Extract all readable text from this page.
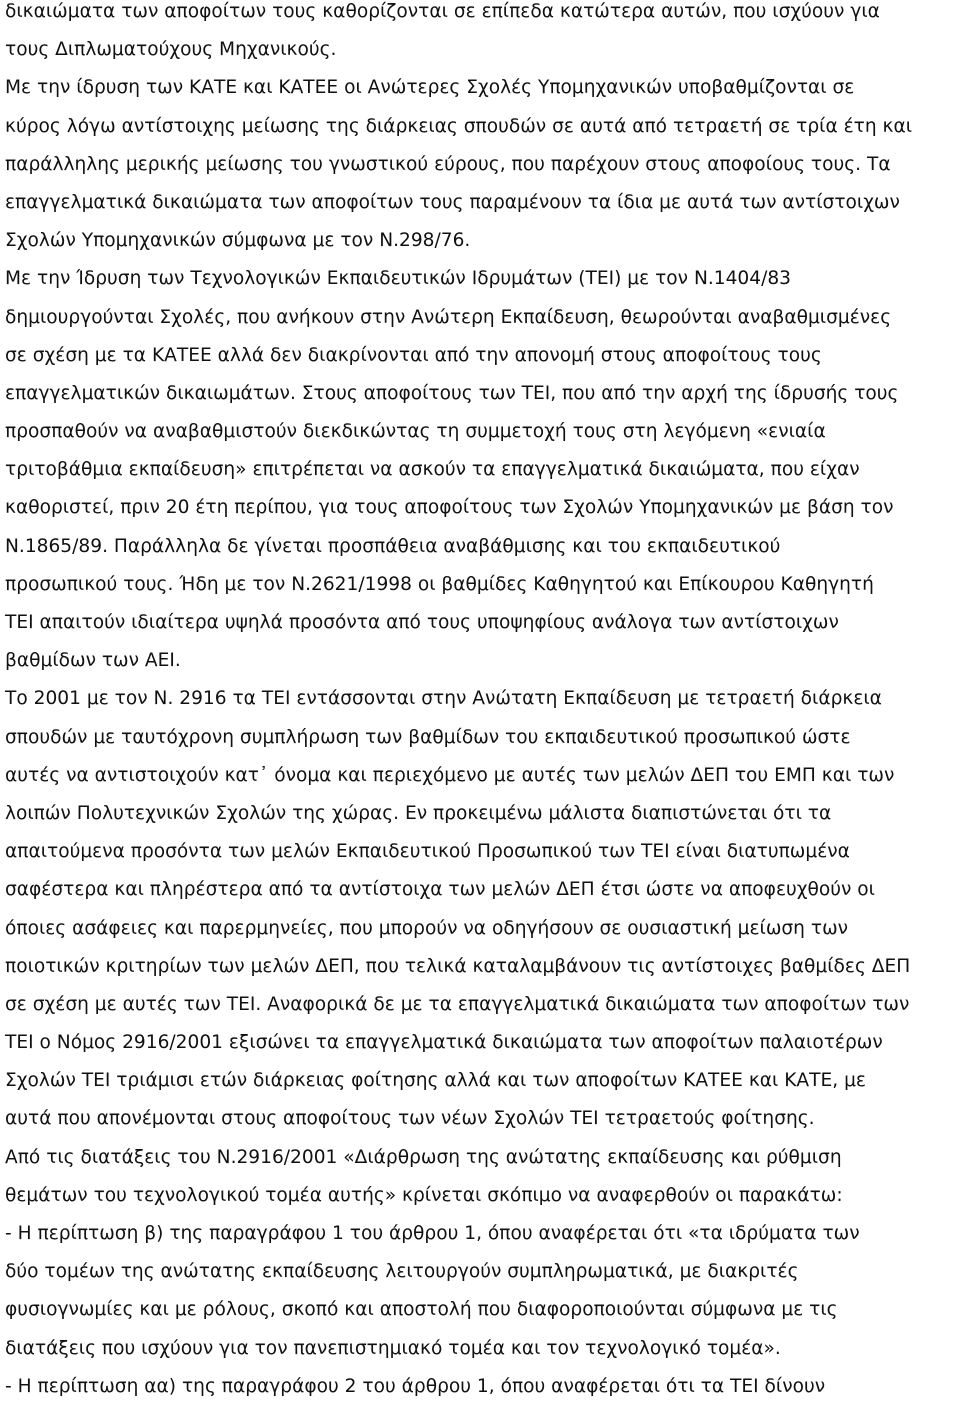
δικαιώματα των αποφοίτων τους καθορίζονται σε επίπεδα κατώτερα αυτών, που ισχύουν για
τους Διπλωματούχους Μηχανικούς.
Με την ίδρυση των ΚΑΤΕ και ΚΑΤΕΕ οι Ανώτερες Σχολές Υπομηχανικών υποβαθμίζονται σε
κύρος λόγω αντίστοιχης μείωσης της διάρκειας σπουδών σε αυτά από τετραετή σε τρία έτη και
παράλληλης μερικής μείωσης του γνωστικού εύρους, που παρέχουν στους αποφοίους τους. Τα
επαγγελματικά δικαιώματα των αποφοίτων τους παραμένουν τα ίδια με αυτά των αντίστοιχων
Σχολών Υπομηχανικών σύμφωνα με τον Ν.298/76.
Με την Ίδρυση των Τεχνολογικών Εκπαιδευτικών Ιδρυμάτων (ΤΕΙ) με τον Ν.1404/83
δημιουργούνται Σχολές, που ανήκουν στην Ανώτερη Εκπαίδευση, θεωρούνται αναβαθμισμένες
σε σχέση με τα ΚΑΤΕΕ αλλά δεν διακρίνονται από την απονομή στους αποφοίτους τους
επαγγελματικών δικαιωμάτων. Στους αποφοίτους των ΤΕΙ, που από την αρχή της ίδρυσής τους
προσπαθούν να αναβαθμιστούν διεκδικώντας τη συμμετοχή τους στη λεγόμενη «ενιαία
τριτοβάθμια εκπαίδευση» επιτρέπεται να ασκούν τα επαγγελματικά δικαιώματα, που είχαν
καθοριστεί, πριν 20 έτη περίπου, για τους αποφοίτους των Σχολών Υπομηχανικών με βάση τον
Ν.1865/89. Παράλληλα δε γίνεται προσπάθεια αναβάθμισης και του εκπαιδευτικού
προσωπικού τους. Ήδη με τον Ν.2621/1998 οι βαθμίδες Καθηγητού και Επίκουρου Καθηγητή
ΤΕΙ απαιτούν ιδιαίτερα υψηλά προσόντα από τους υποψηφίους ανάλογα των αντίστοιχων
βαθμίδων των ΑΕΙ.
Το 2001 με τον Ν. 2916 τα ΤΕΙ εντάσσονται στην Ανώτατη Εκπαίδευση με τετραετή διάρκεια
σπουδών με ταυτόχρονη συμπλήρωση των βαθμίδων του εκπαιδευτικού προσωπικού ώστε
αυτές να αντιστοιχούν κατ᾽ όνομα και περιεχόμενο με αυτές των μελών ΔΕΠ του ΕΜΠ και των
λοιπών Πολυτεχνικών Σχολών της χώρας. Εν προκειμένω μάλιστα διαπιστώνεται ότι τα
απαιτούμενα προσόντα των μελών Εκπαιδευτικού Προσωπικού των ΤΕΙ είναι διατυπωμένα
σαφέστερα και πληρέστερα από τα αντίστοιχα των μελών ΔΕΠ έτσι ώστε να αποφευχθούν οι
όποιες ασάφειες και παρερμηνείες, που μπορούν να οδηγήσουν σε ουσιαστική μείωση των
ποιοτικών κριτηρίων των μελών ΔΕΠ, που τελικά καταλαμβάνουν τις αντίστοιχες βαθμίδες ΔΕΠ
σε σχέση με αυτές των ΤΕΙ. Αναφορικά δε με τα επαγγελματικά δικαιώματα των αποφοίτων των
ΤΕΙ ο Νόμος 2916/2001 εξισώνει τα επαγγελματικά δικαιώματα των αποφοίτων παλαιοτέρων
Σχολών ΤΕΙ τριάμισι ετών διάρκειας φοίτησης αλλά και των αποφοίτων ΚΑΤΕΕ και ΚΑΤΕ, με
αυτά που απονέμονται στους αποφοίτους των νέων Σχολών ΤΕΙ τετραετούς φοίτησης.
Από τις διατάξεις του Ν.2916/2001 «Διάρθρωση της ανώτατης εκπαίδευσης και ρύθμιση
θεμάτων του τεχνολογικού τομέα αυτής» κρίνεται σκόπιμο να αναφερθούν οι παρακάτω:
- Η περίπτωση β) της παραγράφου 1 του άρθρου 1, όπου αναφέρεται ότι «τα ιδρύματα των
δύο τομέων της ανώτατης εκπαίδευσης λειτουργούν συμπληρωματικά, με διακριτές
φυσιογνωμίες και με ρόλους, σκοπό και αποστολή που διαφοροποιούνται σύμφωνα με τις
διατάξεις που ισχύουν για τον πανεπιστημιακό τομέα και τον τεχνολογικό τομέα».
- Η περίπτωση αα) της παραγράφου 2 του άρθρου 1, όπου αναφέρεται ότι τα ΤΕΙ δίνουν
